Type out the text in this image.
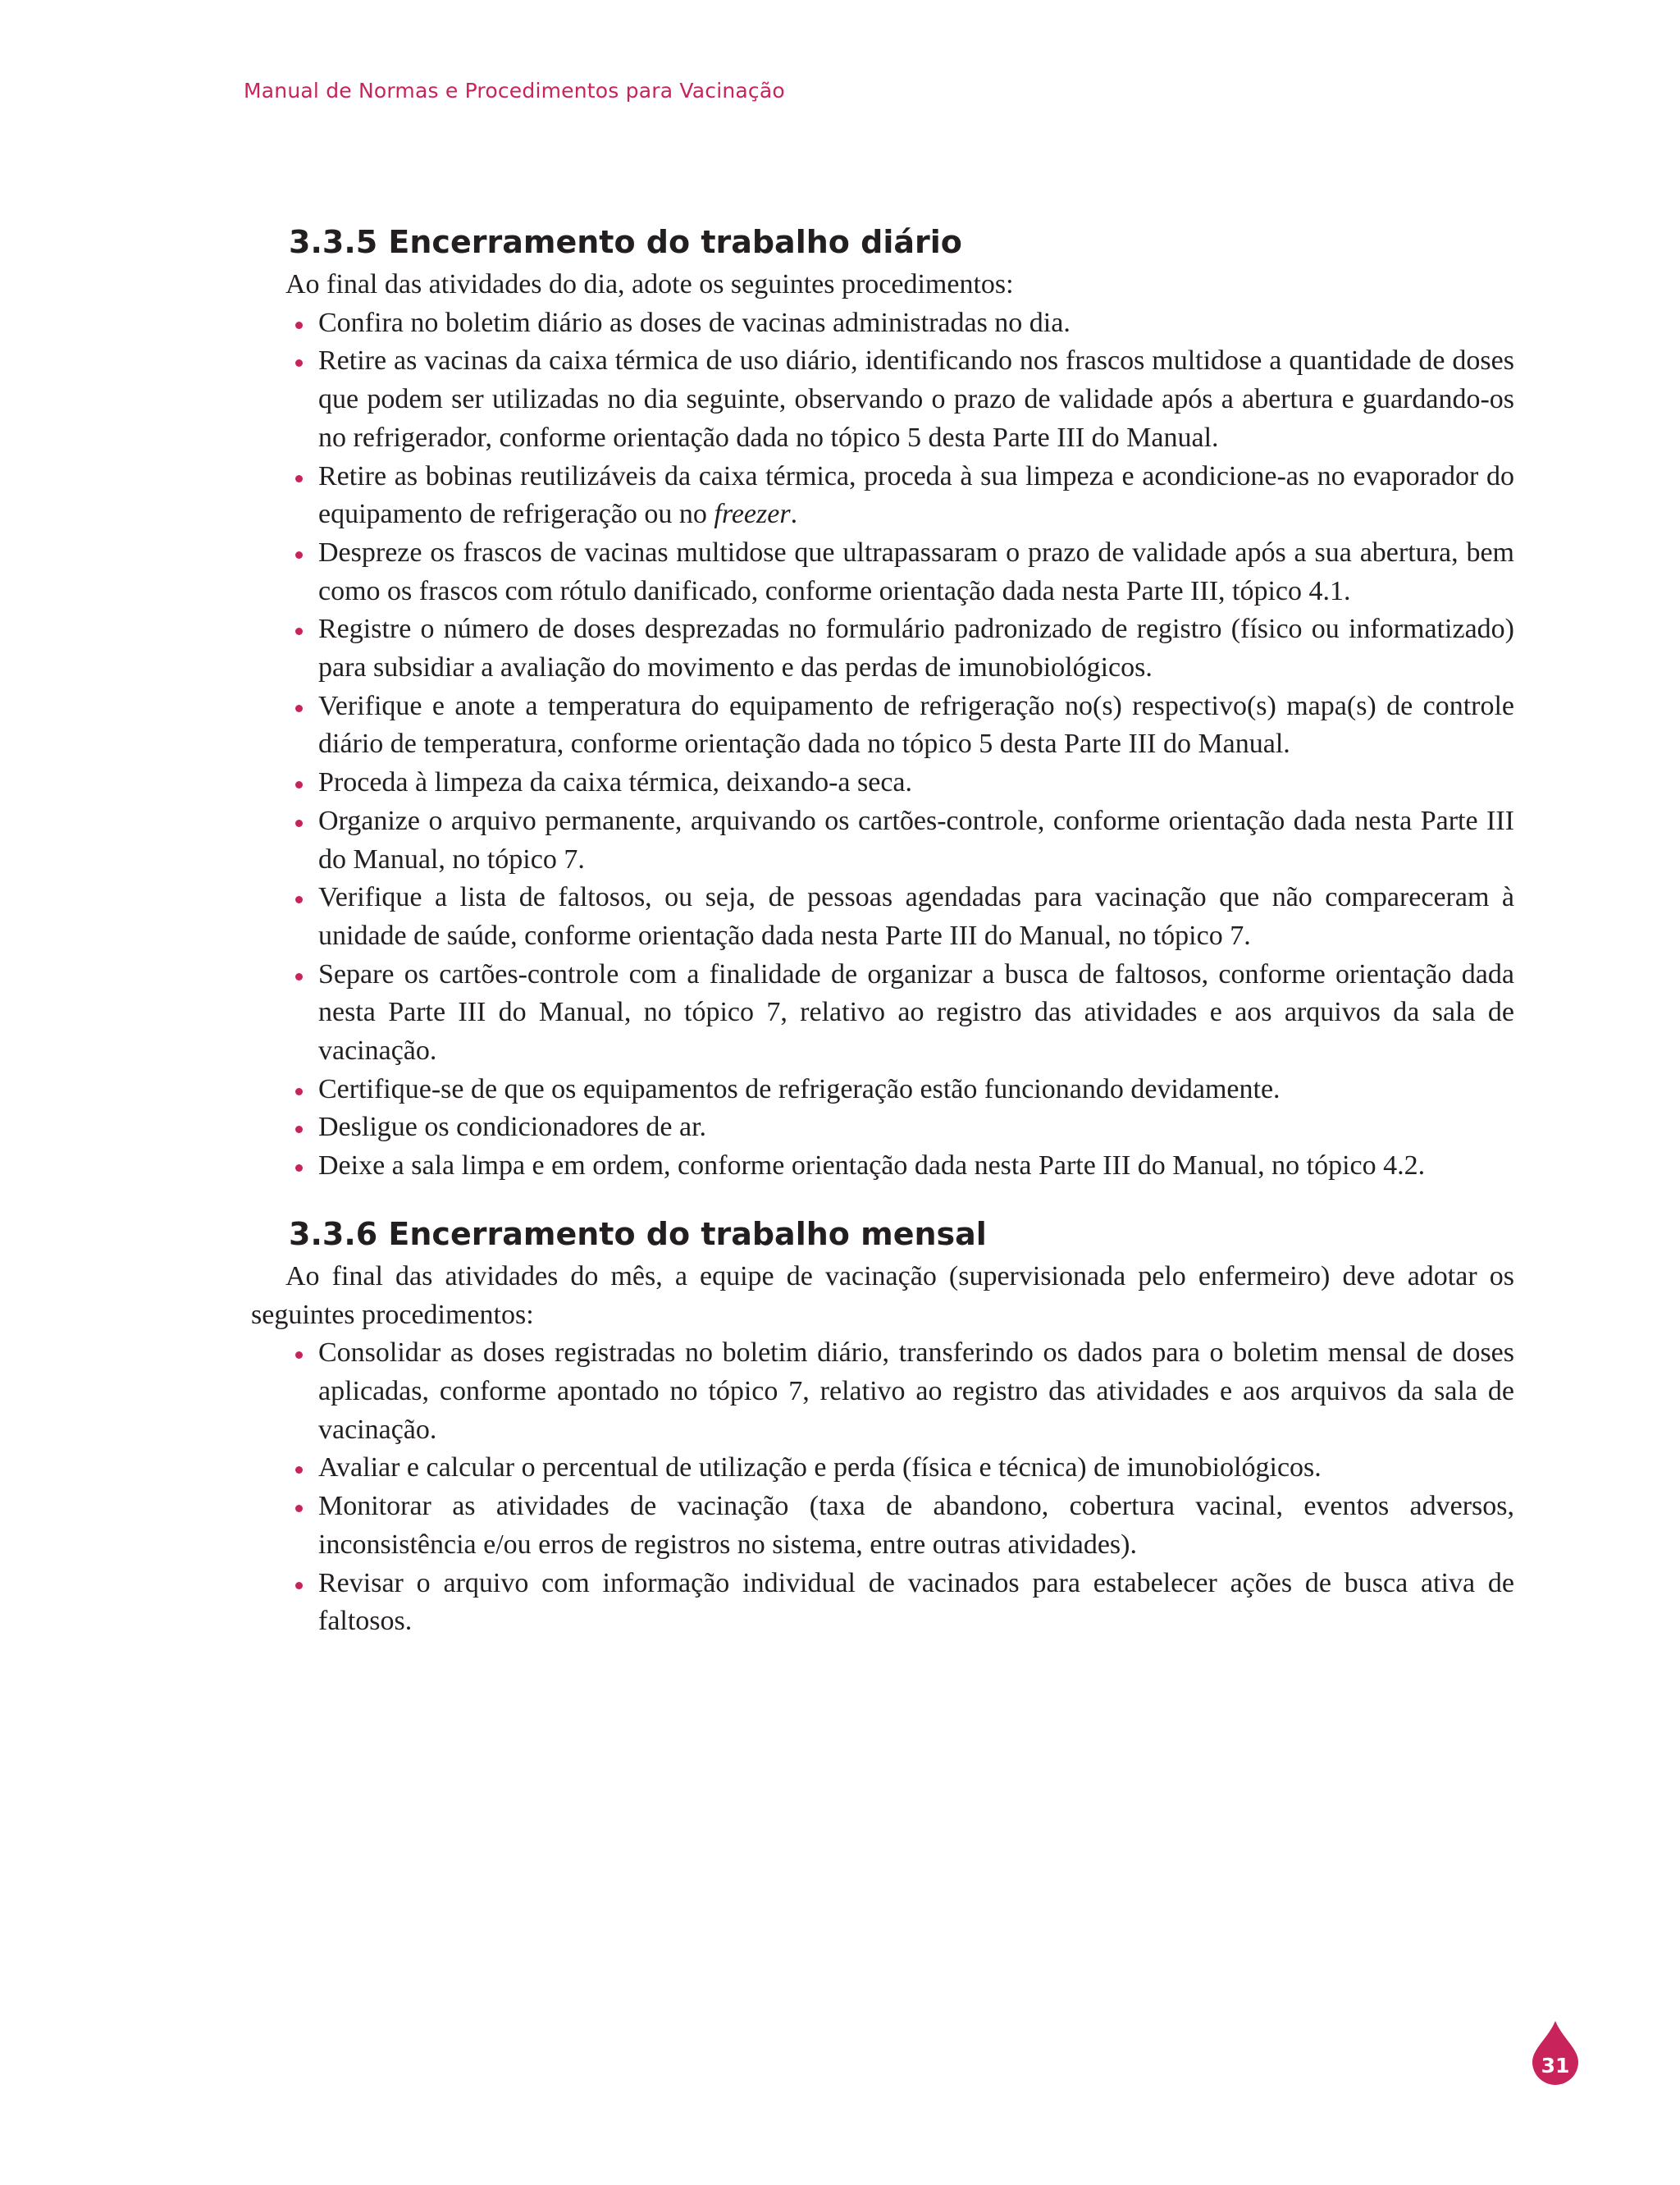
Manual de Normas e Procedimentos para Vacinação
3.3.5 Encerramento do trabalho diário

Ao final das atividades do dia, adote os seguintes procedimentos:

Confira no boletim diário as doses de vacinas administradas no dia.
Retire as vacinas da caixa térmica de uso diário, identificando nos frascos multidose a quantidade de doses que podem ser utilizadas no dia seguinte, observando o prazo de validade após a abertura e guardando-os no refrigerador, conforme orientação dada no tópico 5 desta Parte III do Manual.
Retire as bobinas reutilizáveis da caixa térmica, proceda à sua limpeza e acondicione-as no evaporador do equipamento de refrigeração ou no freezer.
Despreze os frascos de vacinas multidose que ultrapassaram o prazo de validade após a sua abertura, bem como os frascos com rótulo danificado, conforme orientação dada nesta Parte III, tópico 4.1.
Registre o número de doses desprezadas no formulário padronizado de registro (físico ou informatizado) para subsidiar a avaliação do movimento e das perdas de imunobiológicos.
Verifique e anote a temperatura do equipamento de refrigeração no(s) respectivo(s) mapa(s) de controle diário de temperatura, conforme orientação dada no tópico 5 desta Parte III do Manual.
Proceda à limpeza da caixa térmica, deixando-a seca.
Organize o arquivo permanente, arquivando os cartões-controle, conforme orientação dada nesta Parte III do Manual, no tópico 7.
Verifique a lista de faltosos, ou seja, de pessoas agendadas para vacinação que não compareceram à unidade de saúde, conforme orientação dada nesta Parte III do Manual, no tópico 7.
Separe os cartões-controle com a finalidade de organizar a busca de faltosos, conforme orientação dada nesta Parte III do Manual, no tópico 7, relativo ao registro das atividades e aos arquivos da sala de vacinação.
Certifique-se de que os equipamentos de refrigeração estão funcionando devidamente.
Desligue os condicionadores de ar.
Deixe a sala limpa e em ordem, conforme orientação dada nesta Parte III do Manual, no tópico 4.2.
3.3.6 Encerramento do trabalho mensal

Ao final das atividades do mês, a equipe de vacinação (supervisionada pelo enfermeiro) deve adotar os seguintes procedimentos:

Consolidar as doses registradas no boletim diário, transferindo os dados para o boletim mensal de doses aplicadas, conforme apontado no tópico 7, relativo ao registro das atividades e aos arquivos da sala de vacinação.
Avaliar e calcular o percentual de utilização e perda (física e técnica) de imunobiológicos.
Monitorar as atividades de vacinação (taxa de abandono, cobertura vacinal, eventos adversos, inconsistência e/ou erros de registros no sistema, entre outras atividades).
Revisar o arquivo com informação individual de vacinados para estabelecer ações de busca ativa de faltosos.
31
